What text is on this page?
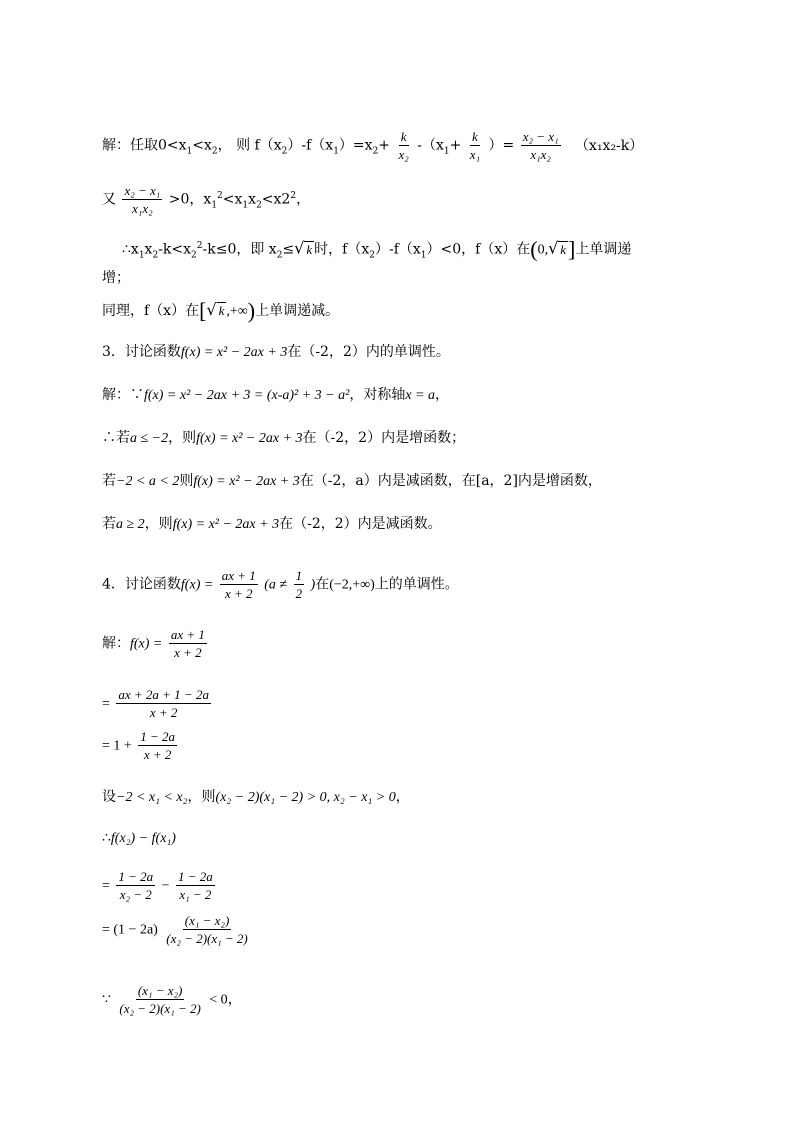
解：任取$0<x_1<x_2$， 则 $f(x_2)-f(x_1)=x_2+ \frac{k}{\text{x₂}} -(x_1+ \frac{k}{\text{x₁}}$ ）= $\frac{\text{x₂ − x₁}}{\text{x₁x₂}} (x_1x_2-k)$
又 $\frac{\text{x₂ − x₁}}{\text{x₁x₂}} >0$，$x_1^2<x_1x_2<x2^2$，
$\therefore x_1x_2-k<x_2^2-k\le 0$，即 $x_2\le√$ k 时，$f(x_2)-f(x_1)<0$，f（x）在(0,√ k]上单调递
增；
同理，f（x）在[√ k ,+∞)上单调递减。
3．讨论函数f(x) = x² − 2ax + 3在（-2，2）内的单调性。
解：∵f(x) = x² − 2ax + 3 = (x-a)² + 3 − a²，对称轴x = a，
∴若a ≤ −2，则f(x) = x² − 2ax + 3在（-2，2）内是增函数；
若−2 < a < 2则f(x) = x² − 2ax + 3在（-2，a）内是减函数，在[a，2]内是增函数，
若a ≥ 2，则f(x) = x² − 2ax + 3在（-2，2）内是减函数。
4．讨论函数$f(x) = \frac{ax + 1}{x + 2} (a \ne \frac{1}{2}$ )在(−2,+∞)上的单调性。
解：$f(x) = \frac{ax + 1}{x + 2}$
= $\frac{ax + 2a + 1 - 2a}{x + 2}$
= $1 + \frac{1 - 2a}{x + 2}$
设−2 < x₁ < x₂，则(x₂ − 2)(x₁ − 2) > 0, x₂ − x₁ > 0，
∴f(x₂) − f(x₁)
= $\frac{1 - 2a}{\text{x₂ − 2}} - \frac{1 - 2a}{\text{x₁ − 2}}$
= $(1 - 2a) \frac{\text{(x₁ − x₂)}}{\text{(x₂ − 2)(x₁ − 2)}}$
∵ $\frac{\text{(x₁ − x₂)}}{\text{(x₂ − 2)(x₁ − 2)}} < 0$，
